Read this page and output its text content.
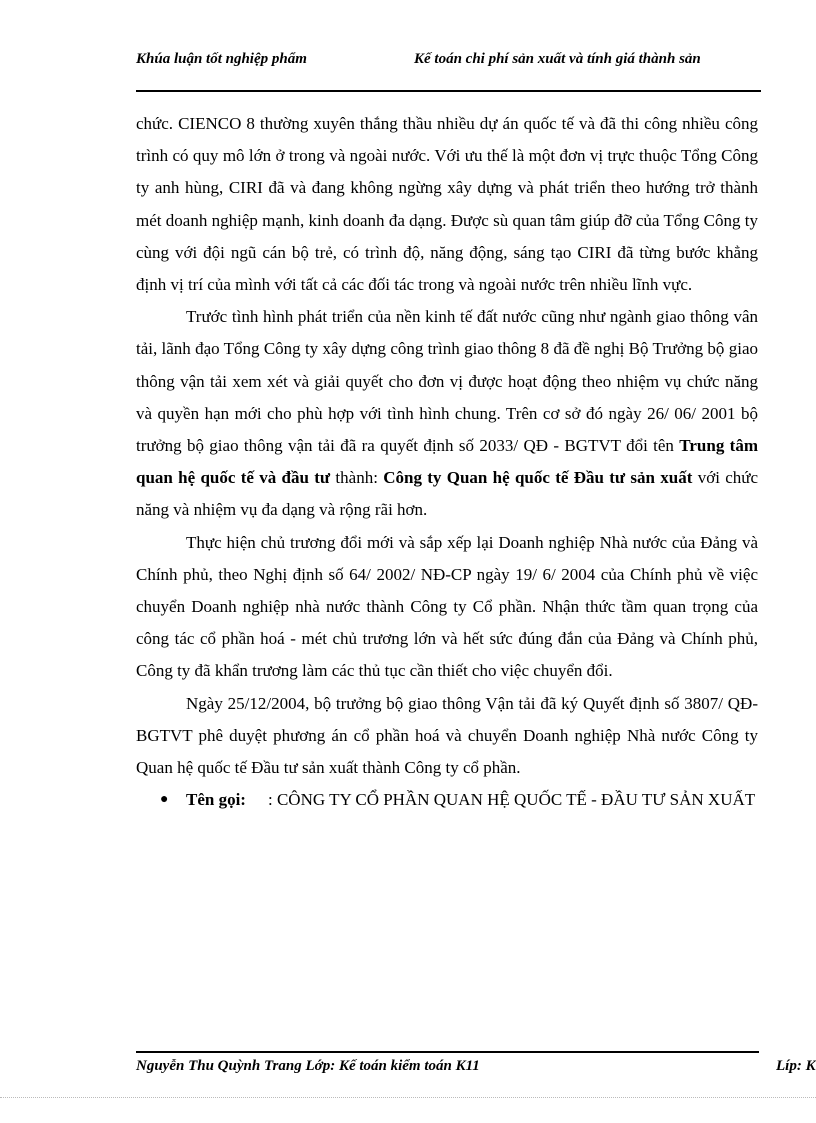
Khúa luận tốt nghiệp phẩm	Kế toán chi phí sản xuất và tính giá thành sản

chức. CIENCO 8 thường xuyên thắng thầu nhiều dự án quốc tế và đã thi công nhiều công trình có quy mô lớn ở trong và ngoài nước. Với ưu thế là một đơn vị trực thuộc Tổng Công ty anh hùng, CIRI đã và đang không ngừng xây dựng và phát triển theo hướng trở thành mét doanh nghiệp mạnh, kinh doanh đa dạng. Được sù quan tâm giúp đỡ của Tổng Công ty cùng với đội ngũ cán bộ trẻ, có trình độ, năng động, sáng tạo CIRI đã từng bước khẳng định vị trí của mình với tất cả các đối tác trong và ngoài nước trên nhiều lĩnh vực.

Trước tình hình phát triển của nền kinh tế đất nước cũng như ngành giao thông vân tải, lãnh đạo Tổng Công ty xây dựng công trình giao thông 8 đã đề nghị Bộ Trưởng bộ giao thông vận tải xem xét và giải quyết cho đơn vị được hoạt động theo nhiệm vụ chức năng và quyền hạn mới cho phù hợp với tình hình chung. Trên cơ sở đó ngày 26/ 06/ 2001 bộ trưởng bộ giao thông vận tải đã ra quyết định số 2033/ QĐ - BGTVT đổi tên Trung tâm quan hệ quốc tế và đầu tư thành: Công ty Quan hệ quốc tế Đầu tư sản xuất với chức năng và nhiệm vụ đa dạng và rộng rãi hơn.

Thực hiện chủ trương đổi mới và sắp xếp lại Doanh nghiệp Nhà nước của Đảng và Chính phủ, theo Nghị định số 64/ 2002/ NĐ-CP ngày 19/ 6/ 2004 của Chính phủ về việc chuyển Doanh nghiệp nhà nước thành Công ty Cổ phần. Nhận thức tầm quan trọng của công tác cổ phần hoá - mét chủ trương lớn và hết sức đúng đắn của Đảng và Chính phủ, Công ty đã khẩn trương làm các thủ tục cần thiết cho việc chuyển đổi.

Ngày 25/12/2004, bộ trưởng bộ giao thông Vận tải đã ký Quyết định số 3807/ QĐ-BGTVT phê duyệt phương án cổ phần hoá và chuyển Doanh nghiệp Nhà nước Công ty Quan hệ quốc tế Đầu tư sản xuất thành Công ty cổ phần.

● Tên gọi: : CÔNG TY CỔ PHẦN QUAN HỆ QUỐC TẾ - ĐẦU TƯ SẢN XUẤT

Nguyễn Thu Quỳnh Trang Lớp: Kế toán kiểm toán K11	Líp: K
